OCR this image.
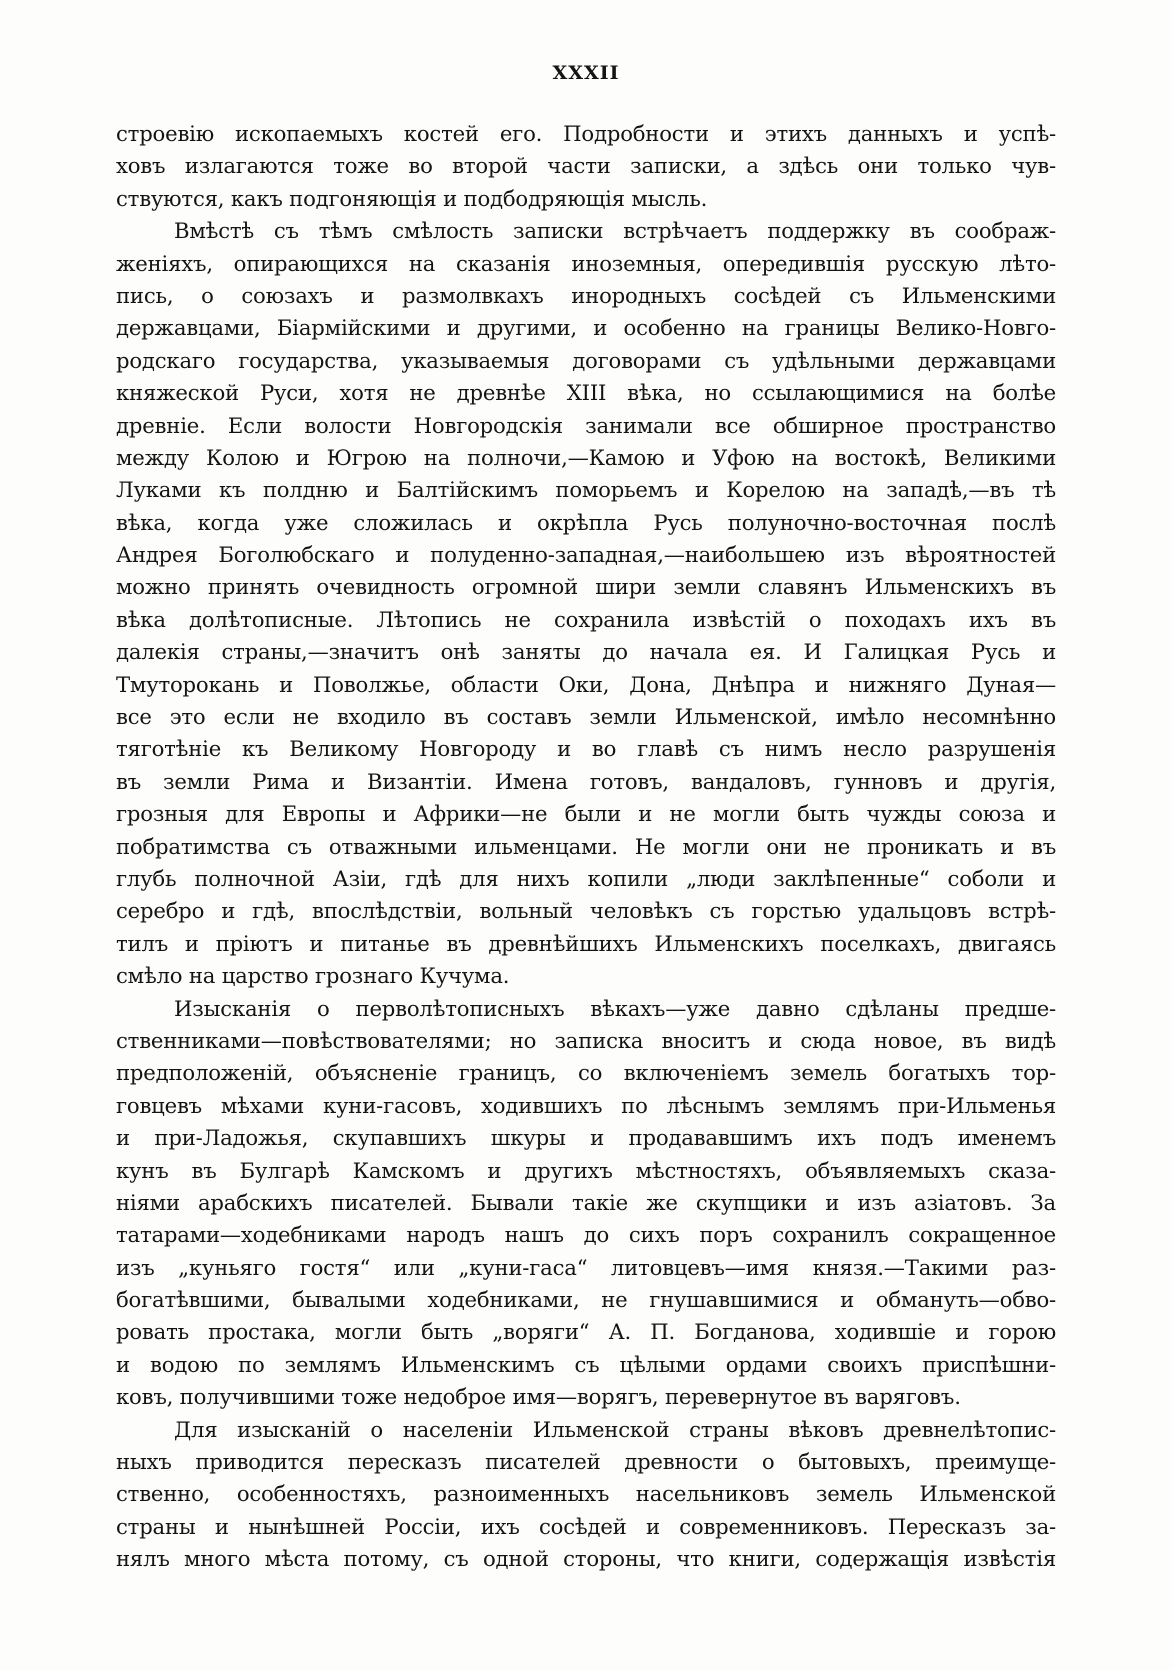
XXXII
строевію ископаемыхъ костей его. Подробности и этихъ данныхъ и успѣ-
ховъ излагаются тоже во второй части записки, а здѣсь они только чув-
ствуются, какъ подгоняющія и подбодряющія мысль.
Вмѣстѣ съ тѣмъ смѣлость записки встрѣчаетъ поддержку въ соображ-
женіяхъ, опирающихся на сказанія иноземныя, опередившія русскую лѣто-
пись, о союзахъ и размолвкахъ инородныхъ сосѣдей съ Ильменскими
державцами, Біармійскими и другими, и особенно на границы Велико-Новго-
родскаго государства, указываемыя договорами съ удѣльными державцами
княжеской Руси, хотя не древнѣе XIII вѣка, но ссылающимися на болѣе
древніе. Если волости Новгородскія занимали все обширное пространство
между Колою и Югрою на полночи,—Камою и Уфою на востокѣ, Великими
Луками къ полдню и Балтійскимъ поморьемъ и Корелою на западѣ,—въ тѣ
вѣка, когда уже сложилась и окрѣпла Русь полуночно-восточная послѣ
Андрея Боголюбскаго и полуденно-западная,—наибольшею изъ вѣроятностей
можно принять очевидность огромной шири земли славянъ Ильменскихъ въ
вѣка долѣтописные. Лѣтопись не сохранила извѣстій о походахъ ихъ въ
далекія страны,—значитъ онѣ заняты до начала ея. И Галицкая Русь и
Тмуторокань и Поволжье, области Оки, Дона, Днѣпра и нижняго Дуная—
все это если не входило въ составъ земли Ильменской, имѣло несомнѣнно
тяготѣніе къ Великому Новгороду и во главѣ съ нимъ несло разрушенія
въ земли Рима и Византіи. Имена готовъ, вандаловъ, гунновъ и другія,
грозныя для Европы и Африки—не были и не могли быть чужды союза и
побратимства съ отважными ильменцами. Не могли они не проникать и въ
глубь полночной Азіи, гдѣ для нихъ копили „люди заклѣпенные“ соболи и
серебро и гдѣ, впослѣдствіи, вольный человѣкъ съ горстью удальцовъ встрѣ-
тилъ и пріютъ и питанье въ древнѣйшихъ Ильменскихъ поселкахъ, двигаясь
смѣло на царство грознаго Кучума.
Изысканія о перволѣтописныхъ вѣкахъ—уже давно сдѣланы предше-
ственниками—повѣствователями; но записка вноситъ и сюда новое, въ видѣ
предположеній, объясненіе границъ, со включеніемъ земель богатыхъ тор-
говцевъ мѣхами куни-гасовъ, ходившихъ по лѣснымъ землямъ при-Ильменья
и при-Ладожья, скупавшихъ шкуры и продававшимъ ихъ подъ именемъ
кунъ въ Булгарѣ Камскомъ и другихъ мѣстностяхъ, объявляемыхъ сказа-
ніями арабскихъ писателей. Бывали такіе же скупщики и изъ азіатовъ. За
татарами—ходебниками народъ нашъ до сихъ поръ сохранилъ сокращенное
изъ „куньяго гостя“ или „куни-гаса“ литовцевъ—имя князя.—Такими раз-
богатѣвшими, бывалыми ходебниками, не гнушавшимися и обмануть—обво-
ровать простака, могли быть „воряги“ А. П. Богданова, ходившіе и горою
и водою по землямъ Ильменскимъ съ цѣлыми ордами своихъ приспѣшни-
ковъ, получившими тоже недоброе имя—ворягъ, перевернутое въ варяговъ.
Для изысканій о населеніи Ильменской страны вѣковъ древнелѣтопис-
ныхъ приводится пересказъ писателей древности о бытовыхъ, преимуще-
ственно, особенностяхъ, разноименныхъ насельниковъ земель Ильменской
страны и нынѣшней Россіи, ихъ сосѣдей и современниковъ. Пересказъ за-
нялъ много мѣста потому, съ одной стороны, что книги, содержащія извѣстія
